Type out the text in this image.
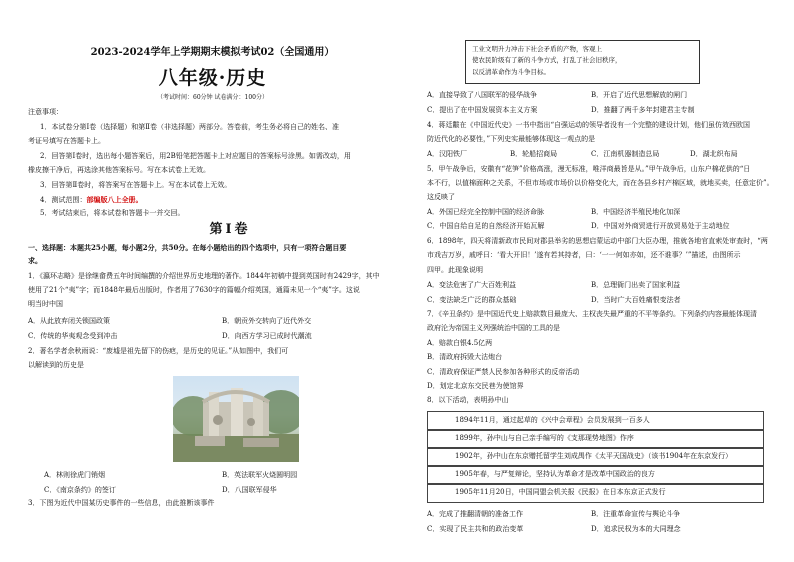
2023-2024学年上学期期末模拟考试02（全国通用）
八年级·历史
（考试时间：60分钟 试卷满分：100分）
注意事项：
1．本试卷分第Ⅰ卷（选择题）和第Ⅱ卷（非选择题）两部分。答卷前，考生务必将自己的姓名、准
考证号填写在答题卡上。
2．回答第Ⅰ卷时，选出每小题答案后，用2B铅笔把答题卡上对应题目的答案标号涂黑。如需改动，用
橡皮擦干净后，再选涂其他答案标号。写在本试卷上无效。
3．回答第Ⅱ卷时，将答案写在答题卡上。写在本试卷上无效。
4．测试范围：部编版八上全册。
5．考试结束后，将本试卷和答题卡一并交回。
第Ⅰ卷
一、选择题：本题共25小题，每小题2分，共50分。在每小题给出的四个选项中，只有一项符合题目要
求。
1．《瀛环志略》是徐继畲费五年时间编撰的介绍世界历史地理的著作。1844年初稿中提到英国时有2429字，其中
使用了21个“夷”字；而1848年最后出版时，作者用了7630字的篇幅介绍英国，通篇未见一个“夷”字。这说
明当时中国
A．从此放弃闭关锁国政策	B．朝贡外交转向了近代外交
C．传统的华夷观念受到冲击	D．向西方学习已成时代潮流
2．著名学者余秋雨说：“废墟是祖先留下的伤疤，是历史的见证。”从如图中，我们可
以解读到的历史是
A．林则徐虎门销烟	B．英法联军火烧圆明园
C．《南京条约》的签订	D．八国联军侵华
3．下图为近代中国某历史事件的一些信息，由此推断该事件
工业文明升力冲击下社会矛盾的产物，客观上
使农民阶级有了新的斗争方式，打乱了社会旧秩序，
以反清革命作为斗争目标。
A．直接导致了八国联军的侵华战争	B．开启了近代思想解放的闸门
C．提出了在中国发展资本主义方案	D．推翻了两千多年封建君主专制
4．蒋廷黻在《中国近代史》一书中指出“自强运动的领导者没有一个完整的建设计划，他们虽仿效西欧国
防近代化的必要性，”下列史实最能够体现这一观点的是
A．汉阳铁厂	B．轮船招商局	C．江南机器制造总局	D．湖北织布局
5．甲午战争后，安徽有“花笋”价格高涨，漫无标准，唯洋商最旨是从。”甲午战争后，山东户棉花供的“日
本不行，以值棉面种之关系，不但市场或市场价以价格变化大，而在各县乡村产棉区域，就地买卖，任意定价”。
这反映了
A．外国已经完全控制中国的经济命脉	B．中国经济半殖民地化加深
C．中国自给自足的自然经济开始瓦解	D．中国对外商贸进行开放贸易处于主动地位
6．1898年，四天将清新政市民间对郡县举劣的思想启蒙运动中部门大臣办理，推就各地官直索处审查时，“两
市戏吉万岁，戚呼曰：‘看大开旧！’遂有若其持者，曰：‘一一何如亦如，还不谁事？’”描述，由图所示
四甲。此现象说明
A．变法危害了广大百姓利益	B．总理衙门出卖了国家利益
C．变法缺乏广泛的群众基础	D．当时广大百姓痛恨变法者
7．《辛丑条约》是中国近代史上赔款数目最庞大、主权丧失最严重的不平等条约。下列条约内容最能体现清
政府沦为帝国主义列强统治中国的工具的是
A．赔款白银4.5亿两
B．清政府拆毁大沽炮台
C．清政府保证严禁人民参加各种形式的反帝活动
D．划定北京东交民巷为使馆界
8．以下活动，表明孙中山
1894年11月，通过起草的《兴中会章程》会员发展到一百多人
1899年，孙中山与自己亲手编写的《支那现势地图》作序
1902年，孙中山在东京赠托留学生刘成禺作《太平天国战史》（该书1904年在东京发行）
1905年春，与严复辩论，坚持认为革命才是改革中国政治的良方
1905年11月20日，中国同盟会机关报《民报》在日本东京正式发行
A．完成了推翻清朝的准备工作	B．注重革命宣传与舆论斗争
C．实现了民主共和的政治变革	D．追求民权为本的大同理念
